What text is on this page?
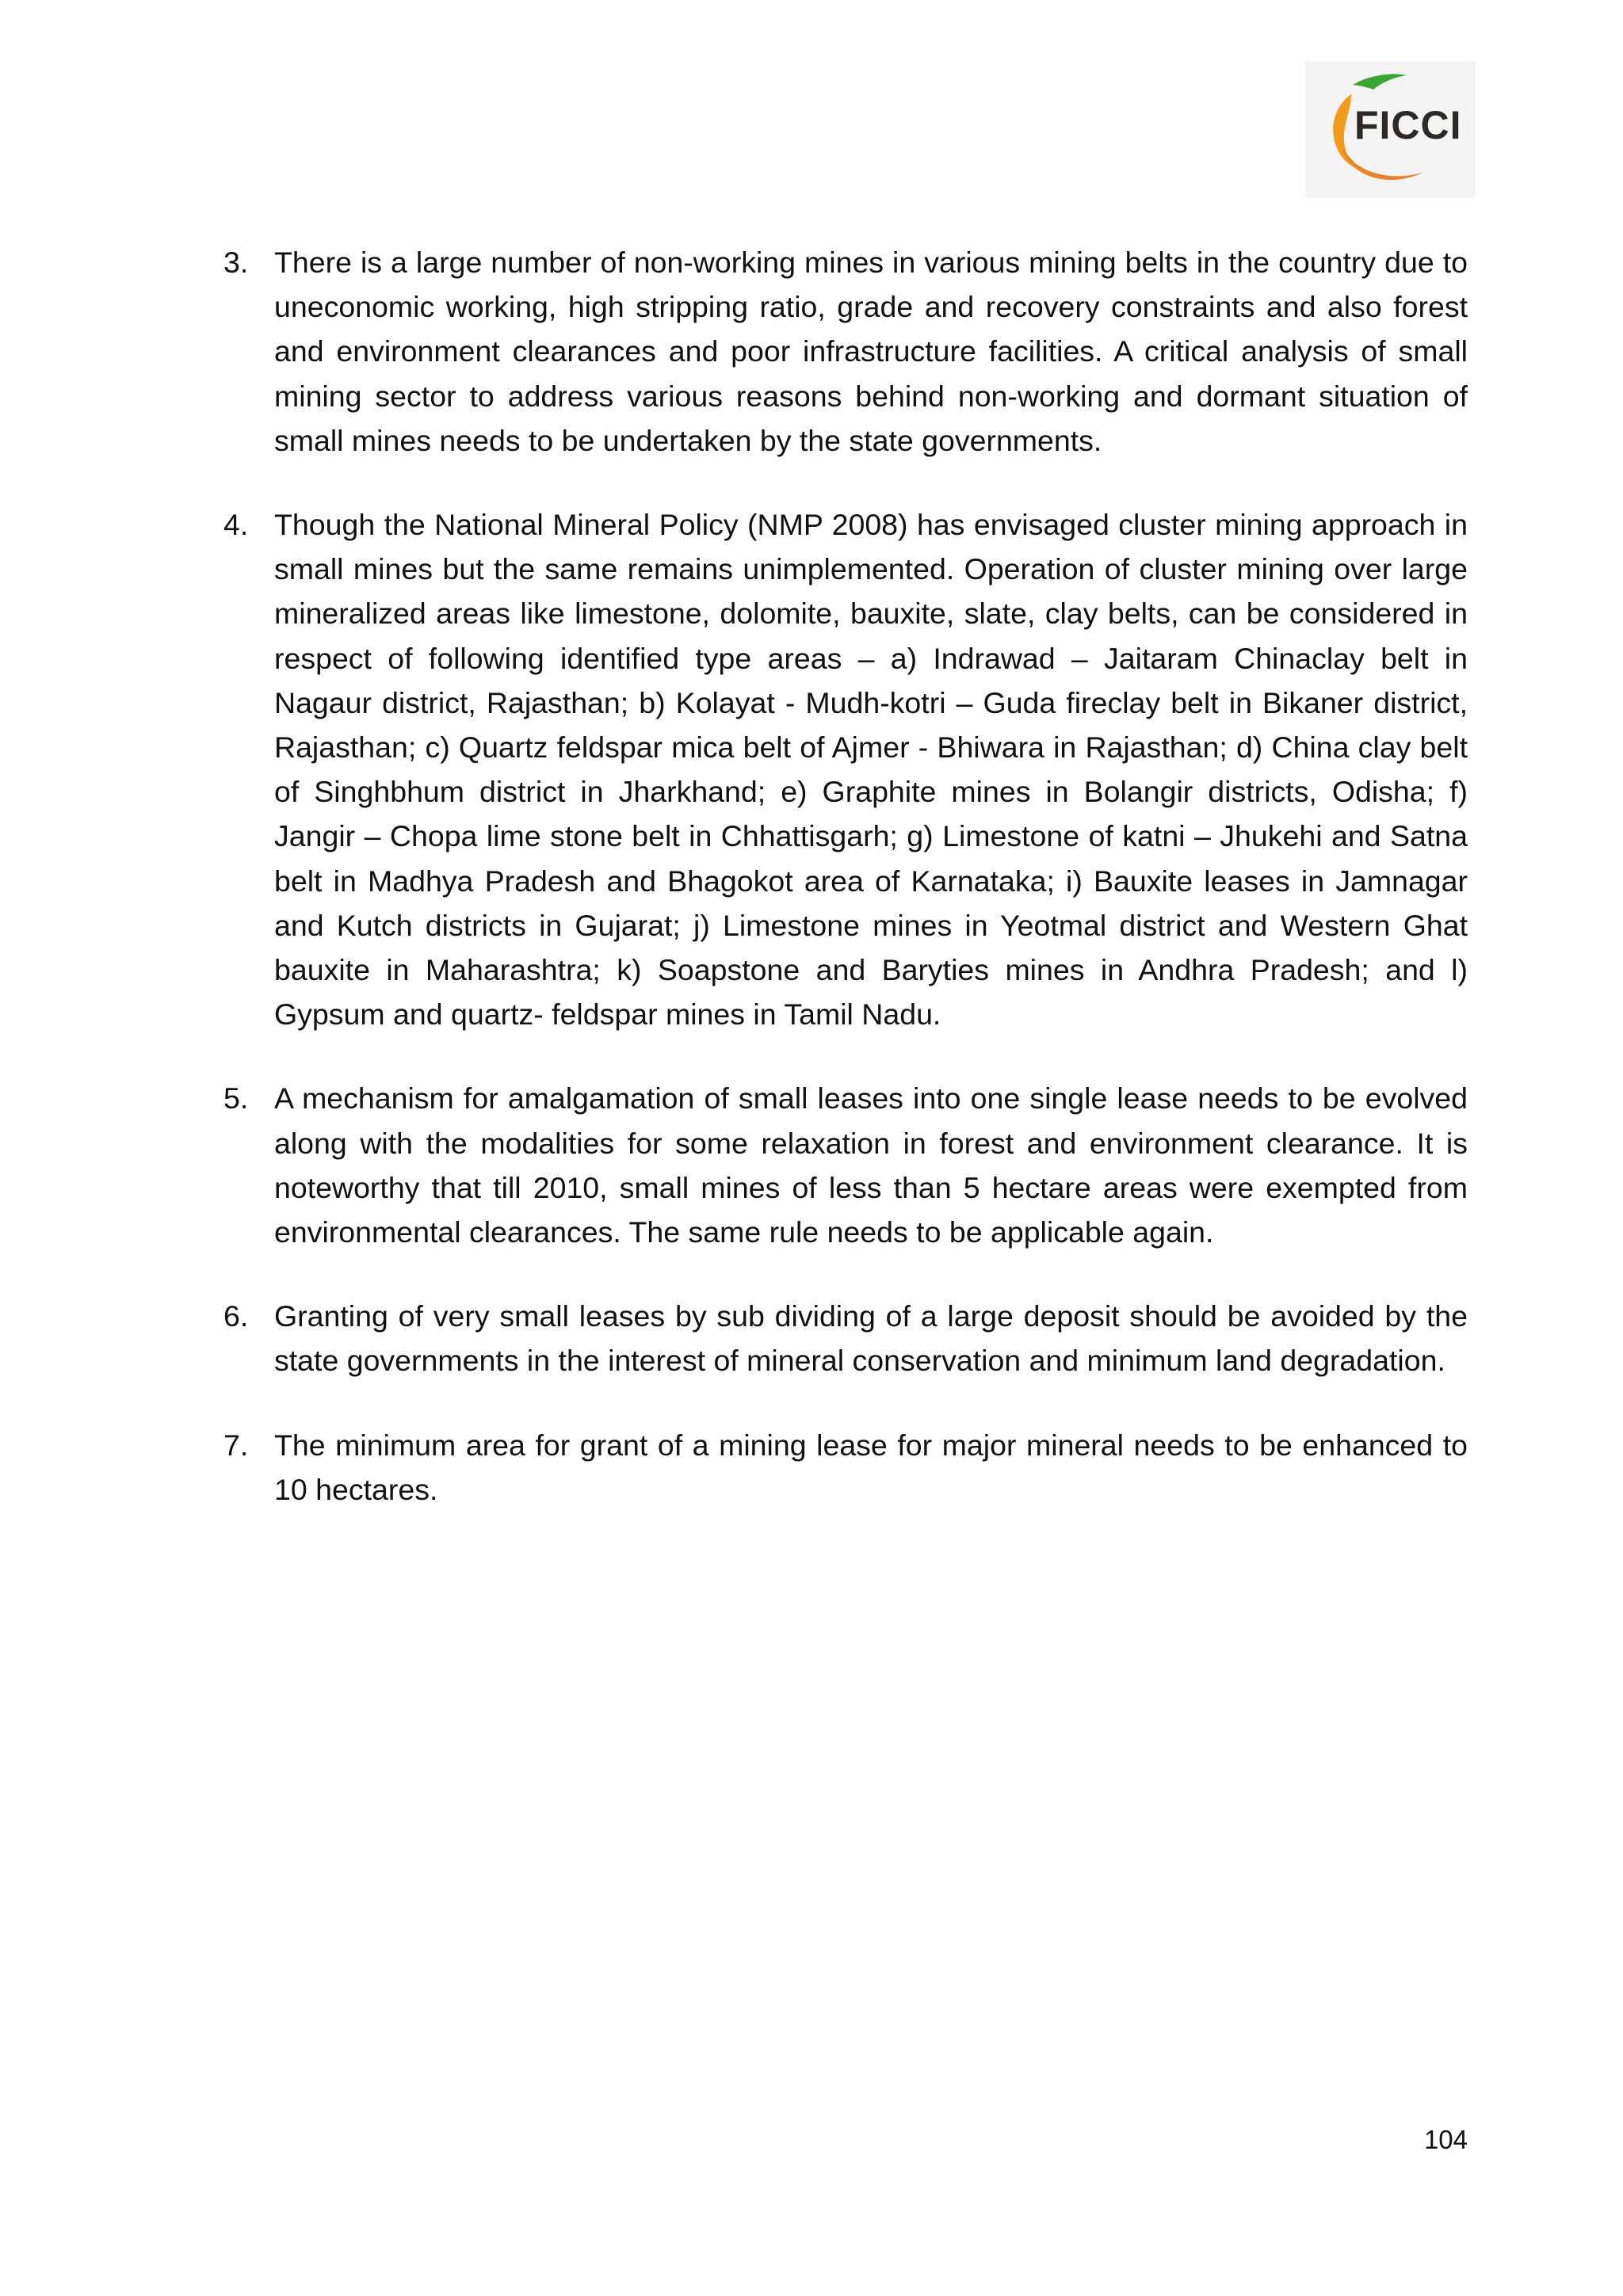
FICCI
3. There is a large number of non-working mines in various mining belts in the country due to uneconomic working, high stripping ratio, grade and recovery constraints and also forest and environment clearances and poor infrastructure facilities. A critical analysis of small mining sector to address various reasons behind non-working and dormant situation of small mines needs to be undertaken by the state governments.
4. Though the National Mineral Policy (NMP 2008) has envisaged cluster mining approach in small mines but the same remains unimplemented. Operation of cluster mining over large mineralized areas like limestone, dolomite, bauxite, slate, clay belts, can be considered in respect of following identified type areas – a) Indrawad – Jaitaram Chinaclay belt in Nagaur district, Rajasthan; b) Kolayat - Mudh-kotri – Guda fireclay belt in Bikaner district, Rajasthan; c) Quartz feldspar mica belt of Ajmer - Bhiwara in Rajasthan; d) China clay belt of Singhbhum district in Jharkhand; e) Graphite mines in Bolangir districts, Odisha; f) Jangir – Chopa lime stone belt in Chhattisgarh; g) Limestone of katni – Jhukehi and Satna belt in Madhya Pradesh and Bhagokot area of Karnataka; i) Bauxite leases in Jamnagar and Kutch districts in Gujarat; j) Limestone mines in Yeotmal district and Western Ghat bauxite in Maharashtra; k) Soapstone and Baryties mines in Andhra Pradesh; and l) Gypsum and quartz- feldspar mines in Tamil Nadu.
5. A mechanism for amalgamation of small leases into one single lease needs to be evolved along with the modalities for some relaxation in forest and environment clearance. It is noteworthy that till 2010, small mines of less than 5 hectare areas were exempted from environmental clearances. The same rule needs to be applicable again.
6. Granting of very small leases by sub dividing of a large deposit should be avoided by the state governments in the interest of mineral conservation and minimum land degradation.
7. The minimum area for grant of a mining lease for major mineral needs to be enhanced to 10 hectares.
104
